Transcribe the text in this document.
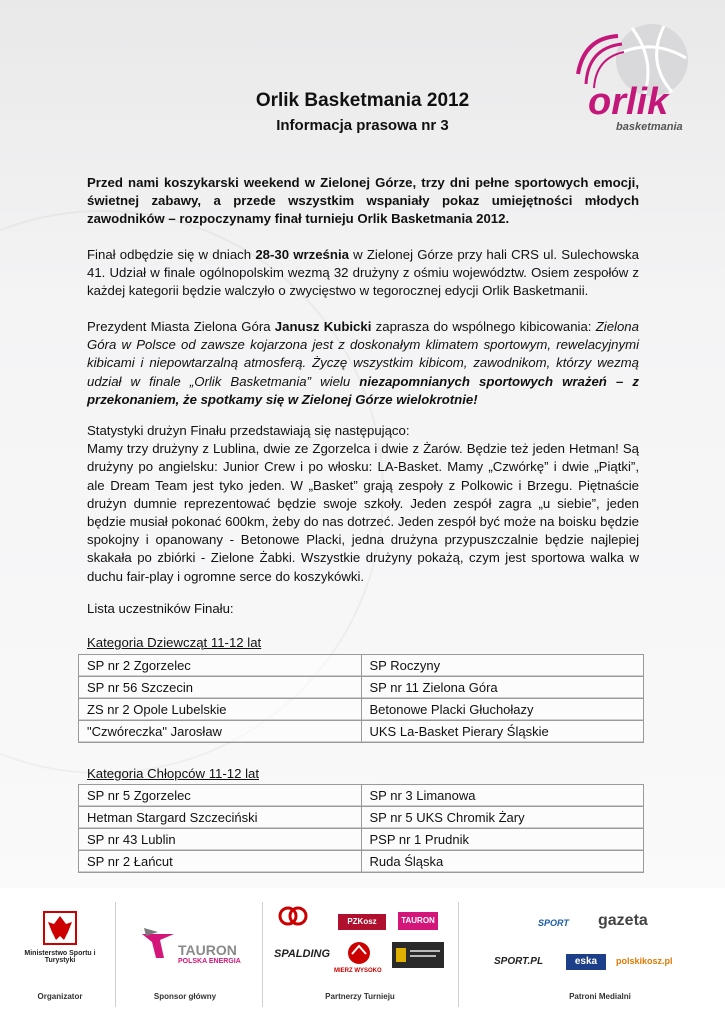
orlik
basketmania
Orlik Basketmania 2012
Informacja prasowa nr 3
Przed nami koszykarski weekend w Zielonej Górze, trzy dni pełne sportowych emocji, świetnej zabawy, a przede wszystkim wspaniały pokaz umiejętności młodych zawodników – rozpoczynamy finał turnieju Orlik Basketmania 2012.
Finał odbędzie się w dniach 28-30 września w Zielonej Górze przy hali CRS ul. Sulechowska 41. Udział w finale ogólnopolskim wezmą 32 drużyny z ośmiu województw. Osiem zespołów z każdej kategorii będzie walczyło o zwycięstwo w tegorocznej edycji Orlik Basketmanii.
Prezydent Miasta Zielona Góra Janusz Kubicki zaprasza do wspólnego kibicowania: Zielona Góra w Polsce od zawsze kojarzona jest z doskonałym klimatem sportowym, rewelacyjnymi kibicami i niepowtarzalną atmosferą. Życzę wszystkim kibicom, zawodnikom, którzy wezmą udział w finale „Orlik Basketmania” wielu niezapomnianych sportowych wrażeń – z przekonaniem, że spotkamy się w Zielonej Górze wielokrotnie!
Statystyki drużyn Finału przedstawiają się następująco:
Mamy trzy drużyny z Lublina, dwie ze Zgorzelca i dwie z Żarów. Będzie też jeden Hetman! Są drużyny po angielsku: Junior Crew i po włosku: LA-Basket. Mamy „Czwórkę” i dwie „Piątki”, ale Dream Team jest tyko jeden. W „Basket” grają zespoły z Polkowic i Brzegu. Piętnaście drużyn dumnie reprezentować będzie swoje szkoły. Jeden zespół zagra „u siebie”, jeden będzie musiał pokonać 600km, żeby do nas dotrzeć. Jeden zespół być może na boisku będzie spokojny i opanowany - Betonowe Placki, jedna drużyna przypuszczalnie będzie najlepiej skakała po zbiórki - Zielone Żabki. Wszystkie drużyny pokażą, czym jest sportowa walka w duchu fair-play i ogromne serce do koszykówki.
Lista uczestników Finału:
Kategoria Dziewcząt 11-12 lat
SP nr 2 Zgorzelec	SP Roczyny
SP nr 56 Szczecin	SP nr 11 Zielona Góra
ZS nr 2 Opole Lubelskie	Betonowe Placki Głuchołazy
"Czwóreczka" Jarosław	UKS La-Basket Pierary Śląskie
Kategoria Chłopców 11-12 lat
SP nr 5 Zgorzelec	SP nr 3 Limanowa
Hetman Stargard Szczeciński	SP nr 5 UKS Chromik Żary
SP nr 43 Lublin	PSP nr 1 Prudnik
SP nr 2 Łańcut	Ruda Śląska
Ministerstwo Sportu i Turystyki
Organizator
TAURON
POLSKA ENERGIA
Sponsor główny
PZKosz	TAURON
SPALDING
MIERZ WYSOKO
Partnerzy Turnieju
SPORT gazeta
SPORT.PL	eska	polskikosz.pl
Patroni Medialni
